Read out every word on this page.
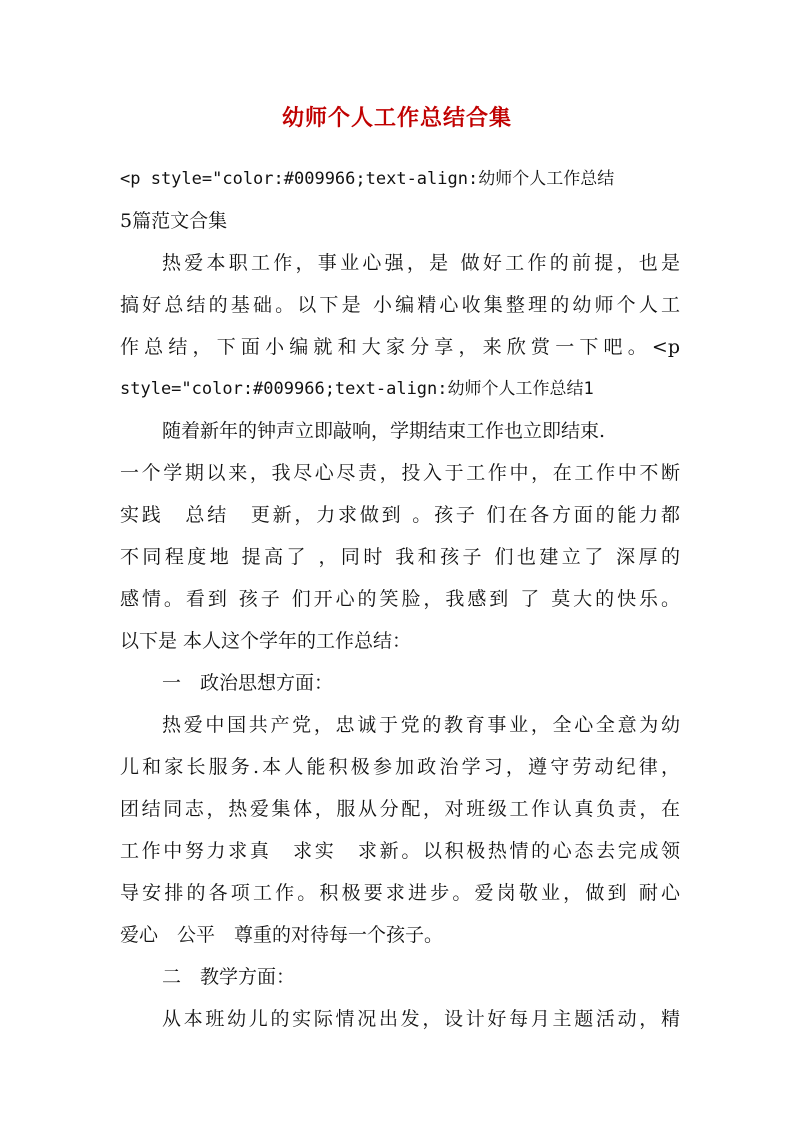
幼师个人工作总结合集
<p style="color:#009966;text-align:幼师个人工作总结
5篇范文合集
热爱本职工作，事业心强，是 做好工作的前提，也是
搞好总结的基础。以下是 小编精心收集整理的幼师个人工
作总结，下面小编就和大家分享，来欣赏一下吧。<p
style="color:#009966;text-align:幼师个人工作总结1
随着新年的钟声立即敲响，学期结束工作也立即结束.
一个学期以来，我尽心尽责，投入于工作中，在工作中不断
实践　总结　更新，力求做到 。孩子 们在各方面的能力都
不同程度地 提高了 ，同时 我和孩子 们也建立了 深厚的
感情。看到 孩子 们开心的笑脸，我感到 了 莫大的快乐。
以下是 本人这个学年的工作总结：
一　政治思想方面：
热爱中国共产党，忠诚于党的教育事业，全心全意为幼
儿和家长服务.本人能积极参加政治学习，遵守劳动纪律，
团结同志，热爱集体，服从分配，对班级工作认真负责，在
工作中努力求真　求实　求新。以积极热情的心态去完成领
导安排的各项工作。积极要求进步。爱岗敬业，做到 耐心
爱心　公平　尊重的对待每一个孩子。
二　教学方面：
从本班幼儿的实际情况出发，设计好每月主题活动，精
